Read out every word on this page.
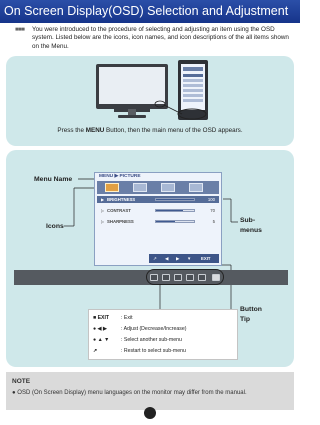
On Screen Display(OSD) Selection and Adjustment
■■■	You were introduced to the procedure of selecting and adjusting an item using the OSD system. Listed below are the icons, icon names, and icon descriptions of the all items shown on the Menu.
Press the MENU Button, then the main menu of the OSD appears.
Menu Name
Icons
Sub-
menus
Button
Tip
MENU ▶ PICTURE
▶ BRIGHTNESS	100
▷ CONTRAST	70
▷ SHARPNESS	5
↗ ◀ ▶ ▼ EXIT
■ EXIT	: Exit
● ◀ ▶	: Adjust (Decrease/Increase)
● ▲ ▼	: Select another sub-menu
↗	: Restart to select sub-menu
NOTE
● OSD (On Screen Display) menu languages on the monitor may differ from the manual.
